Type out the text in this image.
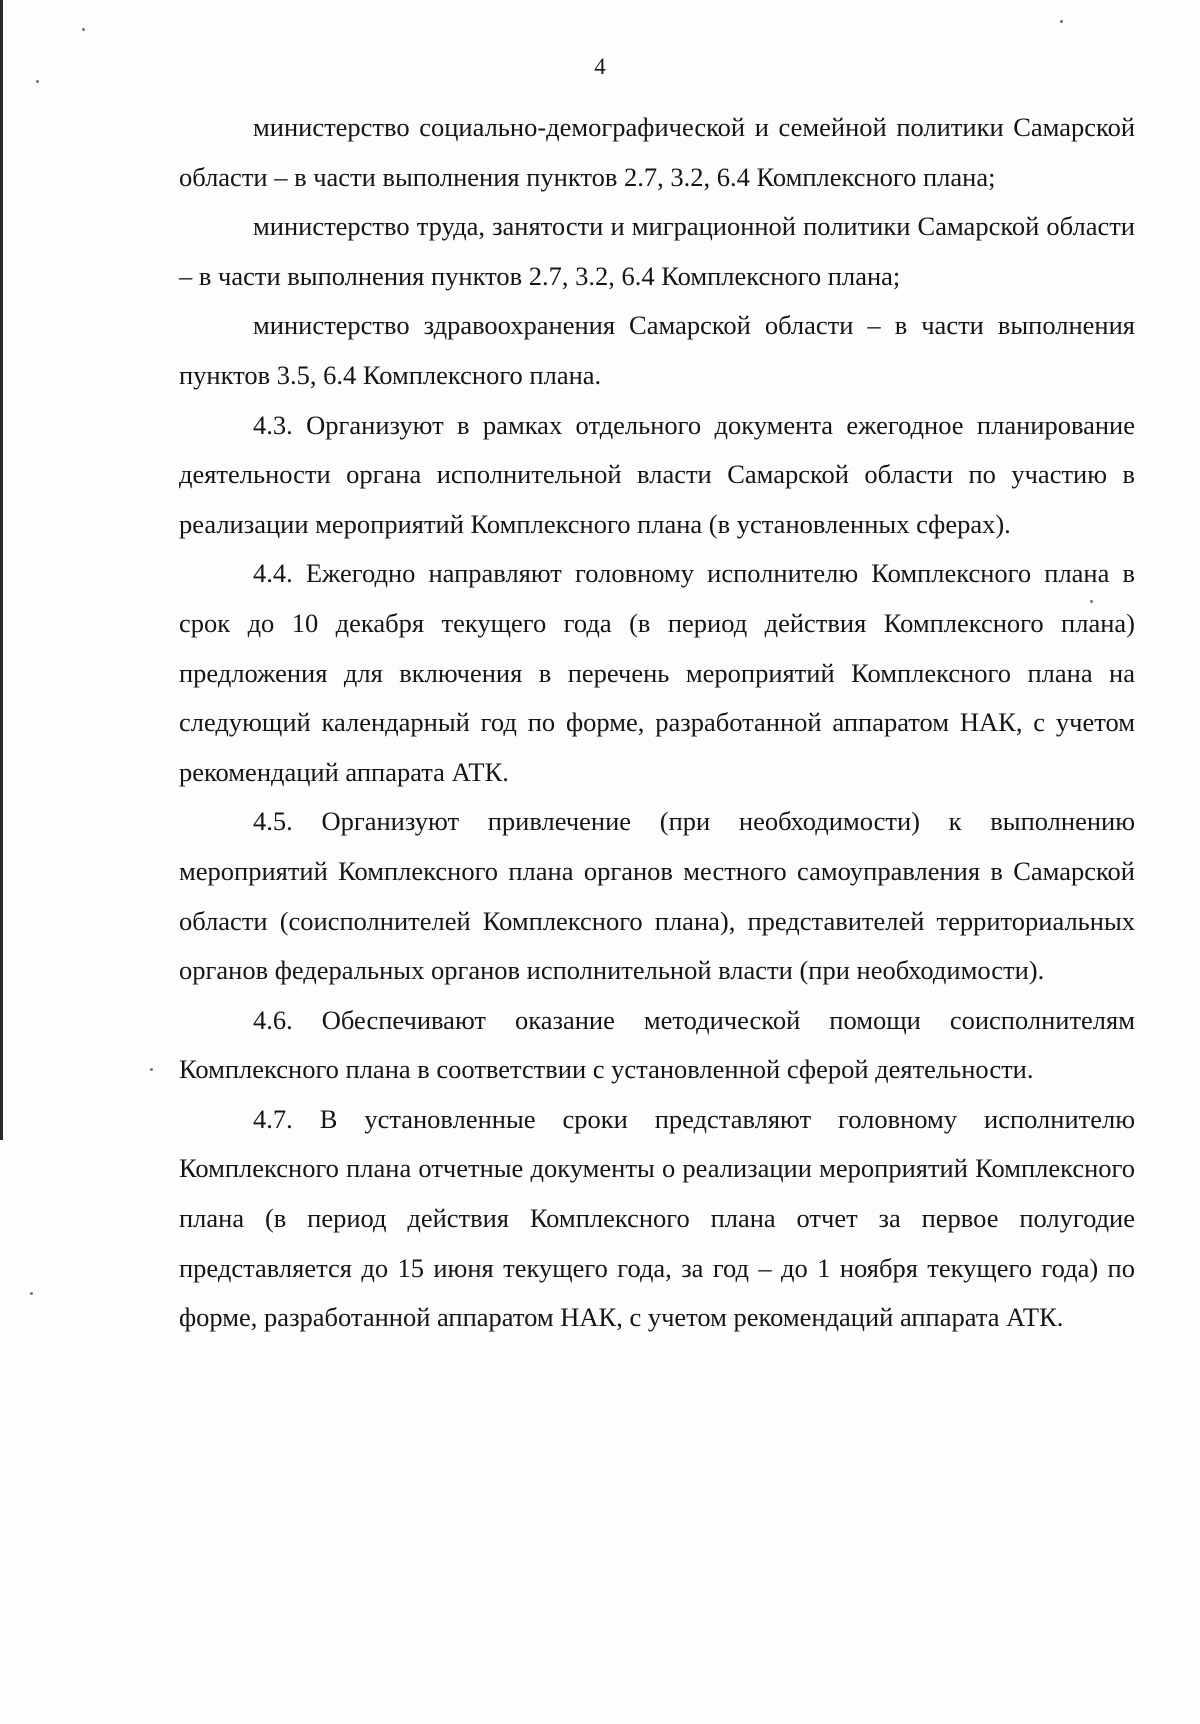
4

министерство социально-демографической и семейной политики Самарской области – в части выполнения пунктов 2.7, 3.2, 6.4 Комплексного плана;

министерство труда, занятости и миграционной политики Самарской области – в части выполнения пунктов 2.7, 3.2, 6.4 Комплексного плана;

министерство здравоохранения Самарской области – в части выполнения пунктов 3.5, 6.4 Комплексного плана.

4.3. Организуют в рамках отдельного документа ежегодное планирование деятельности органа исполнительной власти Самарской области по участию в реализации мероприятий Комплексного плана (в установленных сферах).

4.4. Ежегодно направляют головному исполнителю Комплексного плана в срок до 10 декабря текущего года (в период действия Комплексного плана) предложения для включения в перечень мероприятий Комплексного плана на следующий календарный год по форме, разработанной аппаратом НАК, с учетом рекомендаций аппарата АТК.

4.5. Организуют привлечение (при необходимости) к выполнению мероприятий Комплексного плана органов местного самоуправления в Самарской области (соисполнителей Комплексного плана), представителей территориальных органов федеральных органов исполнительной власти (при необходимости).

4.6. Обеспечивают оказание методической помощи соисполнителям Комплексного плана в соответствии с установленной сферой деятельности.

4.7. В установленные сроки представляют головному исполнителю Комплексного плана отчетные документы о реализации мероприятий Комплексного плана (в период действия Комплексного плана отчет за первое полугодие представляется до 15 июня текущего года, за год – до 1 ноября текущего года) по форме, разработанной аппаратом НАК, с учетом рекомендаций аппарата АТК.
